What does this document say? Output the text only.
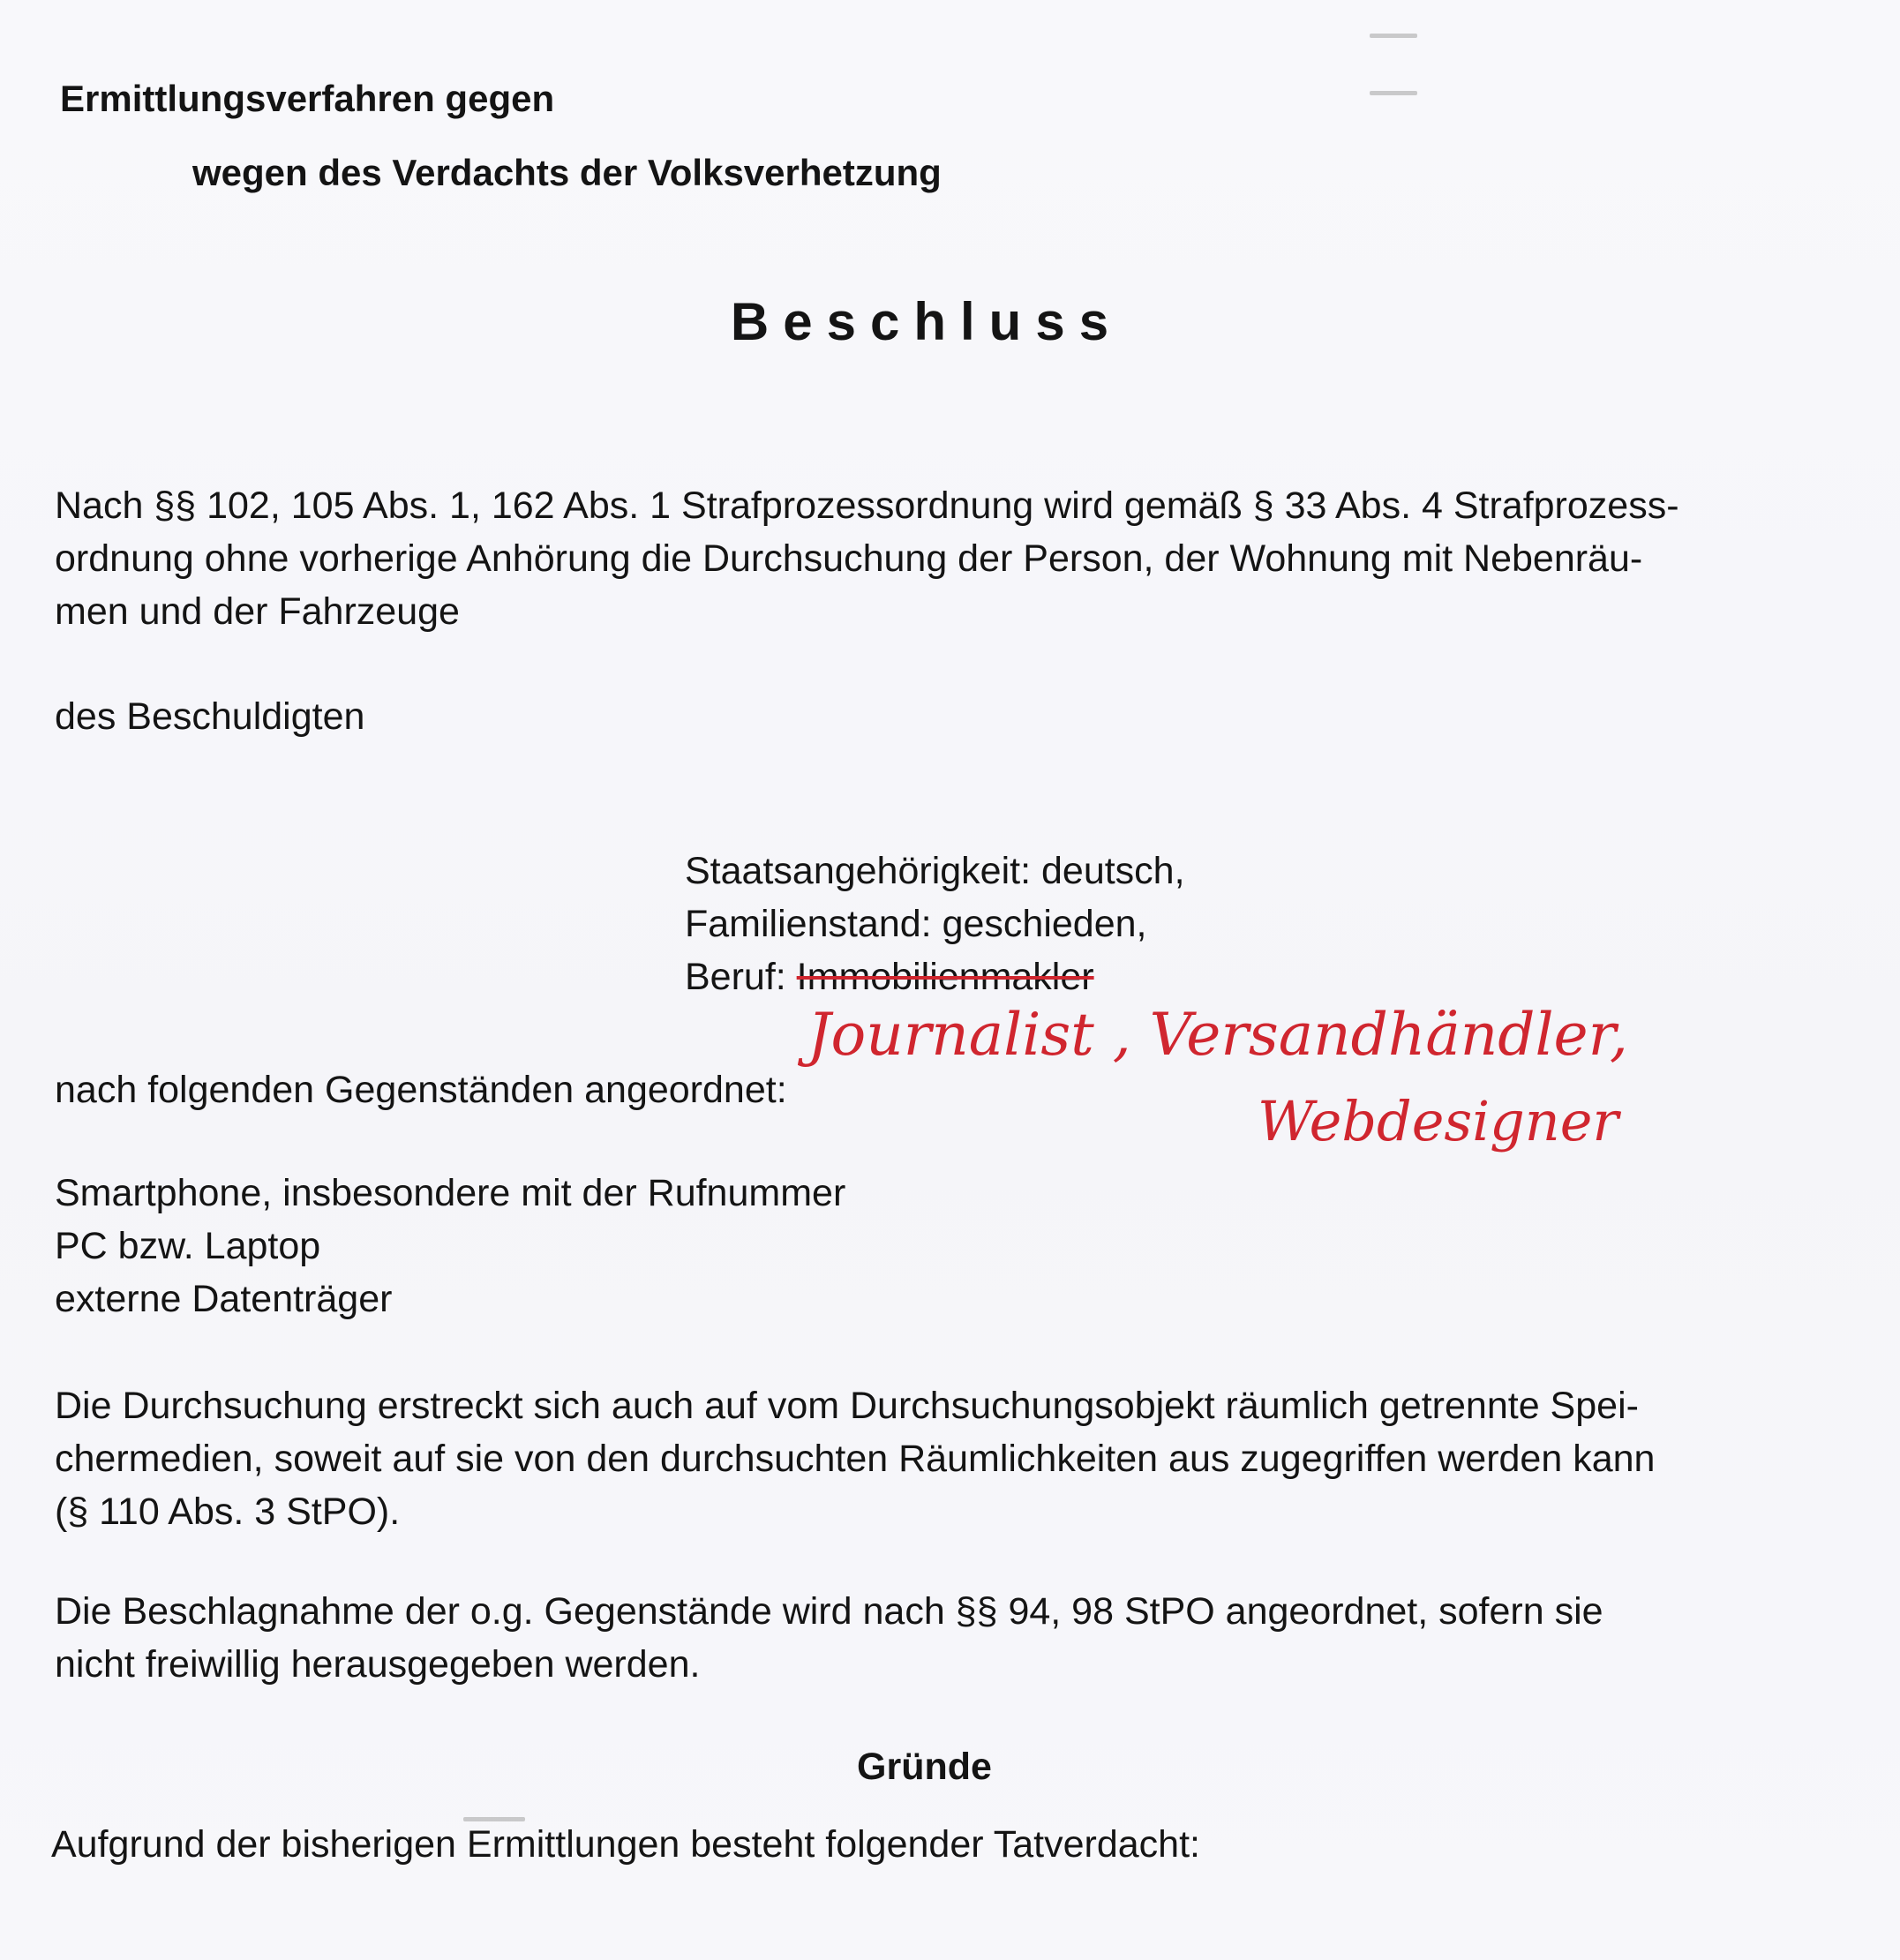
Ermittlungsverfahren gegen
wegen des Verdachts der Volksverhetzung
Beschluss
Nach §§ 102, 105 Abs. 1, 162 Abs. 1 Strafprozessordnung wird gemäß § 33 Abs. 4 Strafprozess-
ordnung ohne vorherige Anhörung die Durchsuchung der Person, der Wohnung mit Nebenräu-
men und der Fahrzeuge
des Beschuldigten
Staatsangehörigkeit: deutsch,
Familienstand: geschieden,
Beruf: Immobilienmakler
Journalist , Versandhändler,
Webdesigner
nach folgenden Gegenständen angeordnet:
Smartphone, insbesondere mit der Rufnummer
PC bzw. Laptop
externe Datenträger
Die Durchsuchung erstreckt sich auch auf vom Durchsuchungsobjekt räumlich getrennte Spei-
chermedien, soweit auf sie von den durchsuchten Räumlichkeiten aus zugegriffen werden kann
(§ 110 Abs. 3 StPO).
Die Beschlagnahme der o.g. Gegenstände wird nach §§ 94, 98 StPO angeordnet, sofern sie
nicht freiwillig herausgegeben werden.
Gründe
Aufgrund der bisherigen Ermittlungen besteht folgender Tatverdacht:
